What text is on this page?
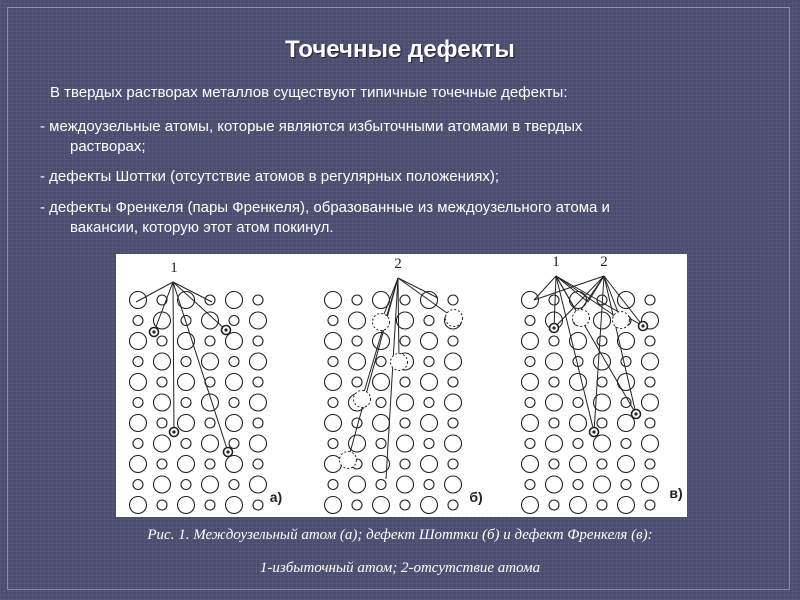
Точечные дефекты
В твердых растворах металлов существуют типичные точечные дефекты:
- междоузельные атомы, которые являются избыточными атомами в твердых
растворах;
- дефекты Шоттки (отсутствие атомов в регулярных положениях);
- дефекты Френкеля (пары Френкеля), образованные из междоузельного атома и
вакансии, которую этот атом покинул.
1
а)
2
б)
1	2
в)
Рис. 1. Междоузельный атом (а); дефект Шоттки (б) и дефект Френкеля (в):
1-избыточный атом; 2-отсутствие атома
